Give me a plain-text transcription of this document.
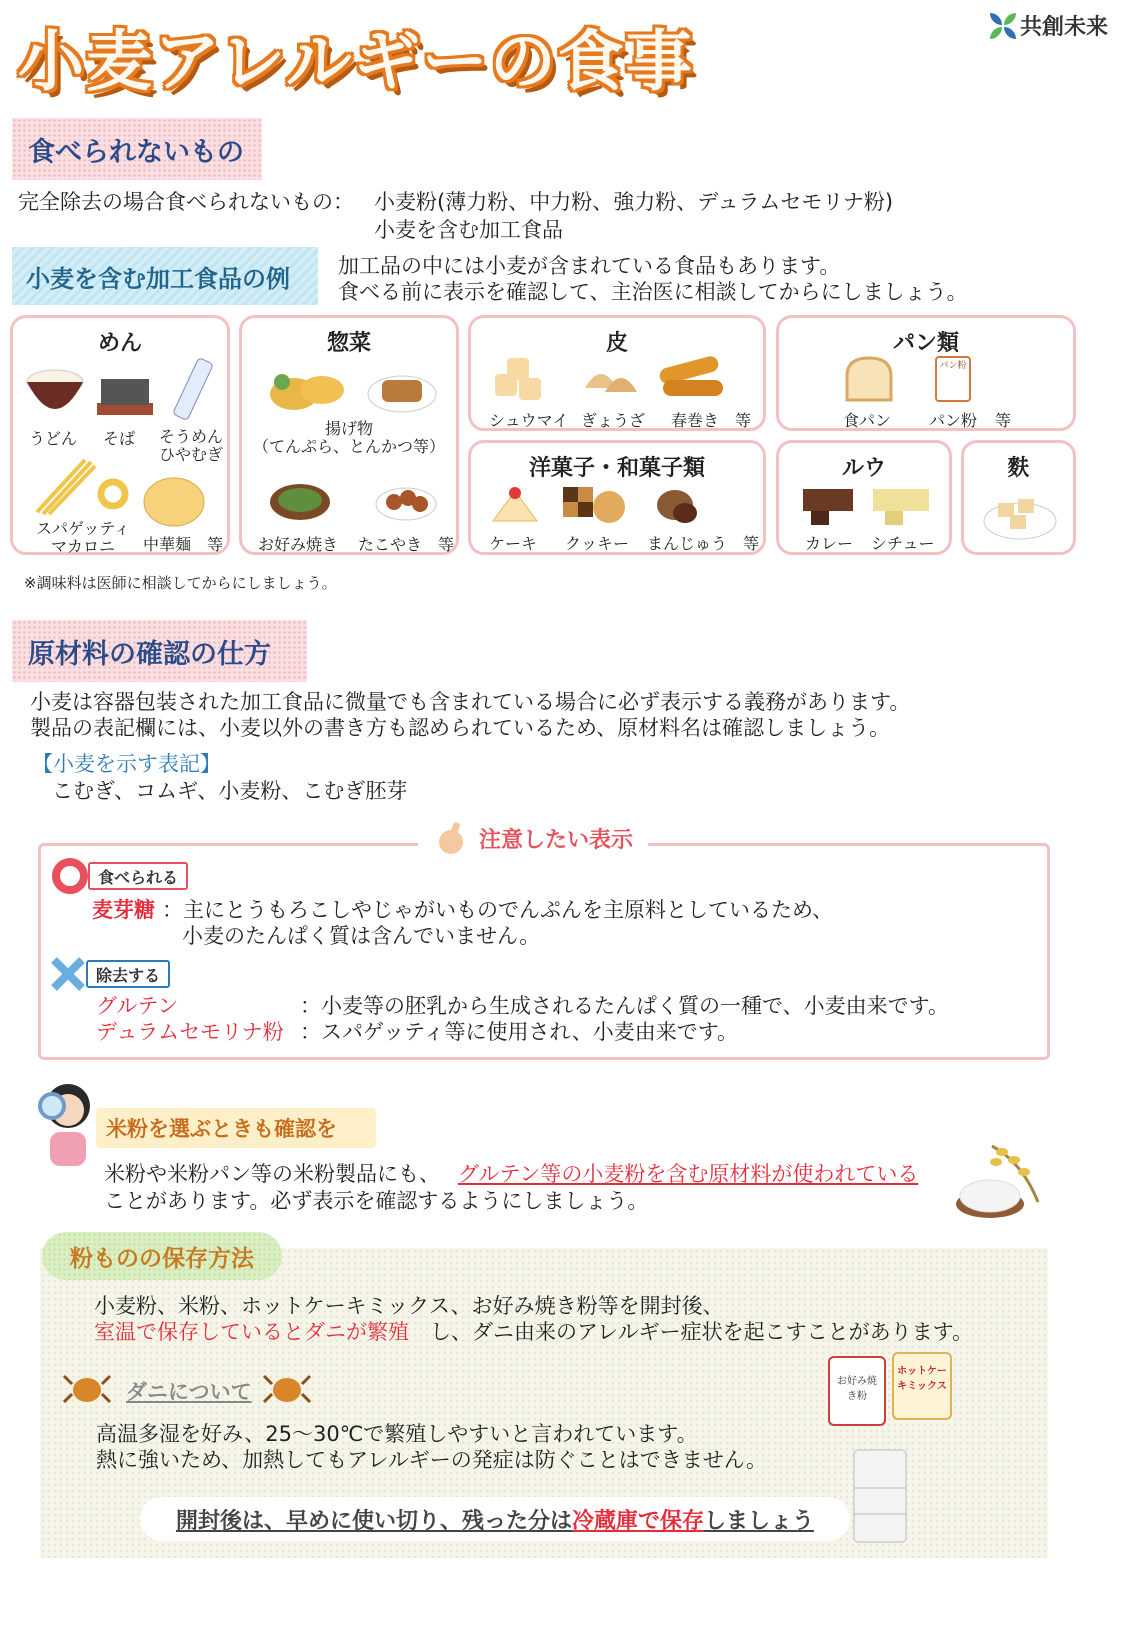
小麦アレルギーの食事	共創未来
食べられないもの
完全除去の場合食べられないもの： 小麦粉(薄力粉、中力粉、強力粉、デュラムセモリナ粉)
小麦を含む加工食品
小麦を含む加工食品の例	加工品の中には小麦が含まれている食品もあります。
食べる前に表示を確認して、主治医に相談してからにしましょう。
めん
うどん そば そうめん
ひやむぎ
スパゲッティ
マカロニ	中華麺　等
惣菜
揚げ物
（てんぷら、とんかつ等）
お好み焼き たこやき　等
皮
シュウマイ ぎょうざ 春巻き 等
パン類
パン粉
食パン パン粉 等
洋菓子・和菓子類
ケーキ クッキー まんじゅう　等
ルウ
カレー シチュー
麩
※調味料は医師に相談してからにしましょう。
原材料の確認の仕方
小麦は容器包装された加工食品に微量でも含まれている場合に必ず表示する義務があります。
製品の表記欄には、小麦以外の書き方も認められているため、原材料名は確認しましょう。
【小麦を示す表記】
こむぎ、コムギ、小麦粉、こむぎ胚芽
注意したい表示
食べられる
麦芽糖 ：主にとうもろこしやじゃがいものでんぷんを主原料としているため、
小麦のたんぱく質は含んでいません。
除去する
グルテン	：小麦等の胚乳から生成されるたんぱく質の一種で、小麦由来です。
デュラムセモリナ粉 ：スパゲッティ等に使用され、小麦由来です。
米粉を選ぶときも確認を
米粉や米粉パン等の米粉製品にも、 グルテン等の小麦粉を含む原材料が使われている
ことがあります。必ず表示を確認するようにしましょう。
粉ものの保存方法
小麦粉、米粉、ホットケーキミックス、お好み焼き粉等を開封後、
室温で保存しているとダニが繁殖 し、ダニ由来のアレルギー症状を起こすことがあります。
ダニについて
高温多湿を好み、25～30℃で繁殖しやすいと言われています。
熱に強いため、加熱してもアレルギーの発症は防ぐことはできません。
お好み焼き粉
ホットケーキミックス
開封後は、早めに使い切り、残った分は 冷蔵庫で保存 しましょう
